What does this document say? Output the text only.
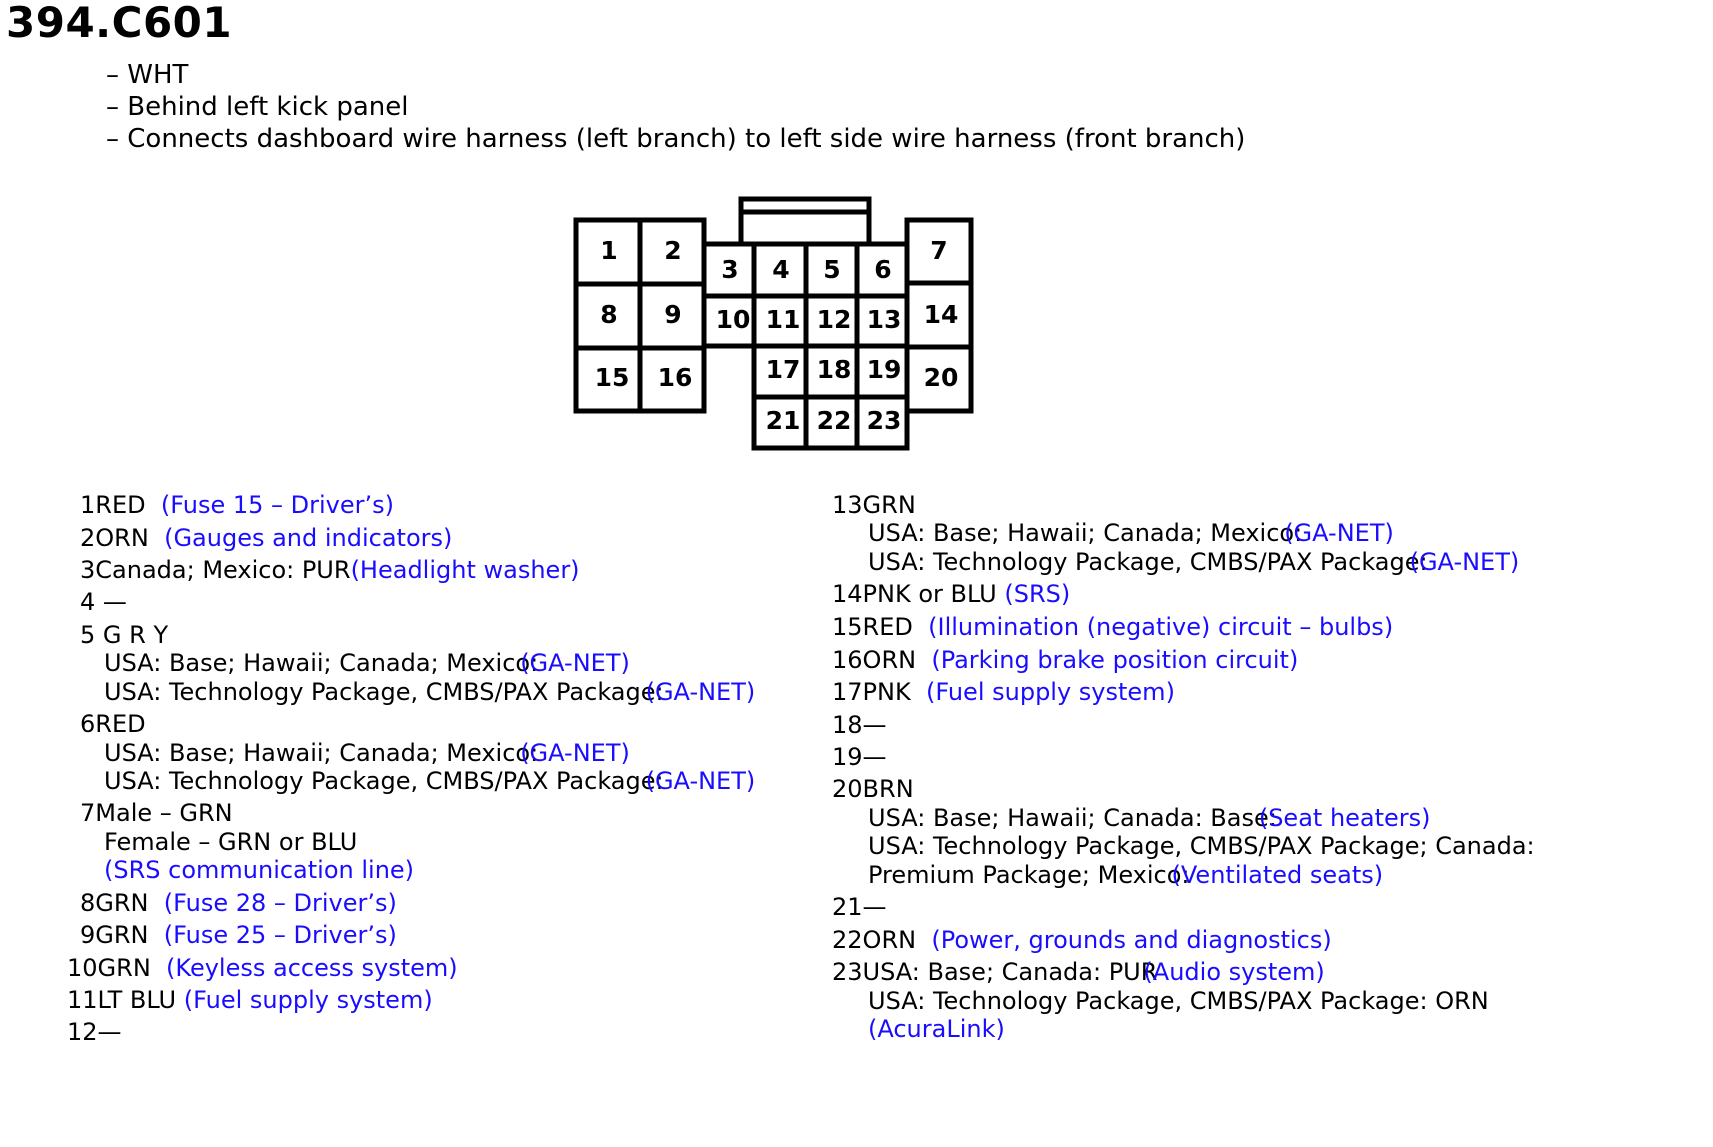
394.C601
– WHT
– Behind left kick panel
– Connects dashboard wire harness (left branch) to left side wire harness (front branch)
1 2
3 4 5 6
7
8 9 10 11 12 13 14
15 16	17 18 19 20
21 22 23
1RED (Fuse 15 – Driver’s)
2ORN (Gauges and indicators)
3Canada; Mexico: PUR(Headlight washer)
4 —
5 G R Y
USA: Base; Hawaii; Canada; Mexico:(GA-NET)
USA: Technology Package, CMBS/PAX Package:(GA-NET)
6RED
USA: Base; Hawaii; Canada; Mexico:(GA-NET)
USA: Technology Package, CMBS/PAX Package:(GA-NET)
7Male – GRN
Female – GRN or BLU
(SRS communication line)
8GRN (Fuse 28 – Driver’s)
9GRN (Fuse 25 – Driver’s)
10GRN (Keyless access system)
11LT BLU (Fuel supply system)
12—
13GRN
USA: Base; Hawaii; Canada; Mexico:(GA-NET)
USA: Technology Package, CMBS/PAX Package:(GA-NET)
14PNK or BLU (SRS)
15RED (Illumination (negative) circuit – bulbs)
16ORN (Parking brake position circuit)
17PNK (Fuel supply system)
18—
19—
20BRN
USA: Base; Hawaii; Canada: Base:(Seat heaters)
USA: Technology Package, CMBS/PAX Package; Canada:
Premium Package; Mexico:(Ventilated seats)
21—
22ORN (Power, grounds and diagnostics)
23USA: Base; Canada: PUR(Audio system)
USA: Technology Package, CMBS/PAX Package: ORN
(AcuraLink)
